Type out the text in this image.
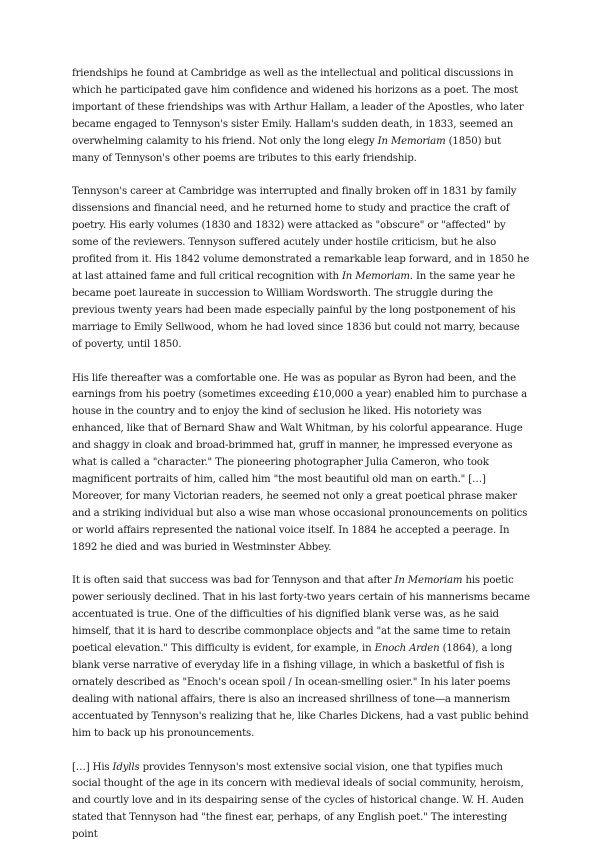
friendships he found at Cambridge as well as the intellectual and political discussions in which he participated gave him confidence and widened his horizons as a poet. The most important of these friendships was with Arthur Hallam, a leader of the Apostles, who later became engaged to Tennyson's sister Emily. Hallam's sudden death, in 1833, seemed an overwhelming calamity to his friend. Not only the long elegy In Memoriam (1850) but many of Tennyson's other poems are tributes to this early friendship.

Tennyson's career at Cambridge was interrupted and finally broken off in 1831 by family dissensions and financial need, and he returned home to study and practice the craft of poetry. His early volumes (1830 and 1832) were attacked as "obscure" or "affected" by some of the reviewers. Tennyson suffered acutely under hostile criticism, but he also profited from it. His 1842 volume demonstrated a remarkable leap forward, and in 1850 he at last attained fame and full critical recognition with In Memoriam. In the same year he became poet laureate in succession to William Wordsworth. The struggle during the previous twenty years had been made especially painful by the long postponement of his marriage to Emily Sellwood, whom he had loved since 1836 but could not marry, because of poverty, until 1850.

His life thereafter was a comfortable one. He was as popular as Byron had been, and the earnings from his poetry (sometimes exceeding £10,000 a year) enabled him to purchase a house in the country and to enjoy the kind of seclusion he liked. His notoriety was enhanced, like that of Bernard Shaw and Walt Whitman, by his colorful appearance. Huge and shaggy in cloak and broad-brimmed hat, gruff in manner, he impressed everyone as what is called a "character." The pioneering photographer Julia Cameron, who took magnificent portraits of him, called him "the most beautiful old man on earth." […] Moreover, for many Victorian readers, he seemed not only a great poetical phrase maker and a striking individual but also a wise man whose occasional pronouncements on politics or world affairs represented the national voice itself. In 1884 he accepted a peerage. In 1892 he died and was buried in Westminster Abbey.

It is often said that success was bad for Tennyson and that after In Memoriam his poetic power seriously declined. That in his last forty-two years certain of his mannerisms became accentuated is true. One of the difficulties of his dignified blank verse was, as he said himself, that it is hard to describe commonplace objects and "at the same time to retain poetical elevation." This difficulty is evident, for example, in Enoch Arden (1864), a long blank verse narrative of everyday life in a fishing village, in which a basketful of fish is ornately described as "Enoch's ocean spoil / In ocean-smelling osier." In his later poems dealing with national affairs, there is also an increased shrillness of tone—a mannerism accentuated by Tennyson's realizing that he, like Charles Dickens, had a vast public behind him to back up his pronouncements.

[…] His Idylls provides Tennyson's most extensive social vision, one that typifies much social thought of the age in its concern with medieval ideals of social community, heroism, and courtly love and in its despairing sense of the cycles of historical change. W. H. Auden stated that Tennyson had "the finest ear, perhaps, of any English poet." The interesting point
